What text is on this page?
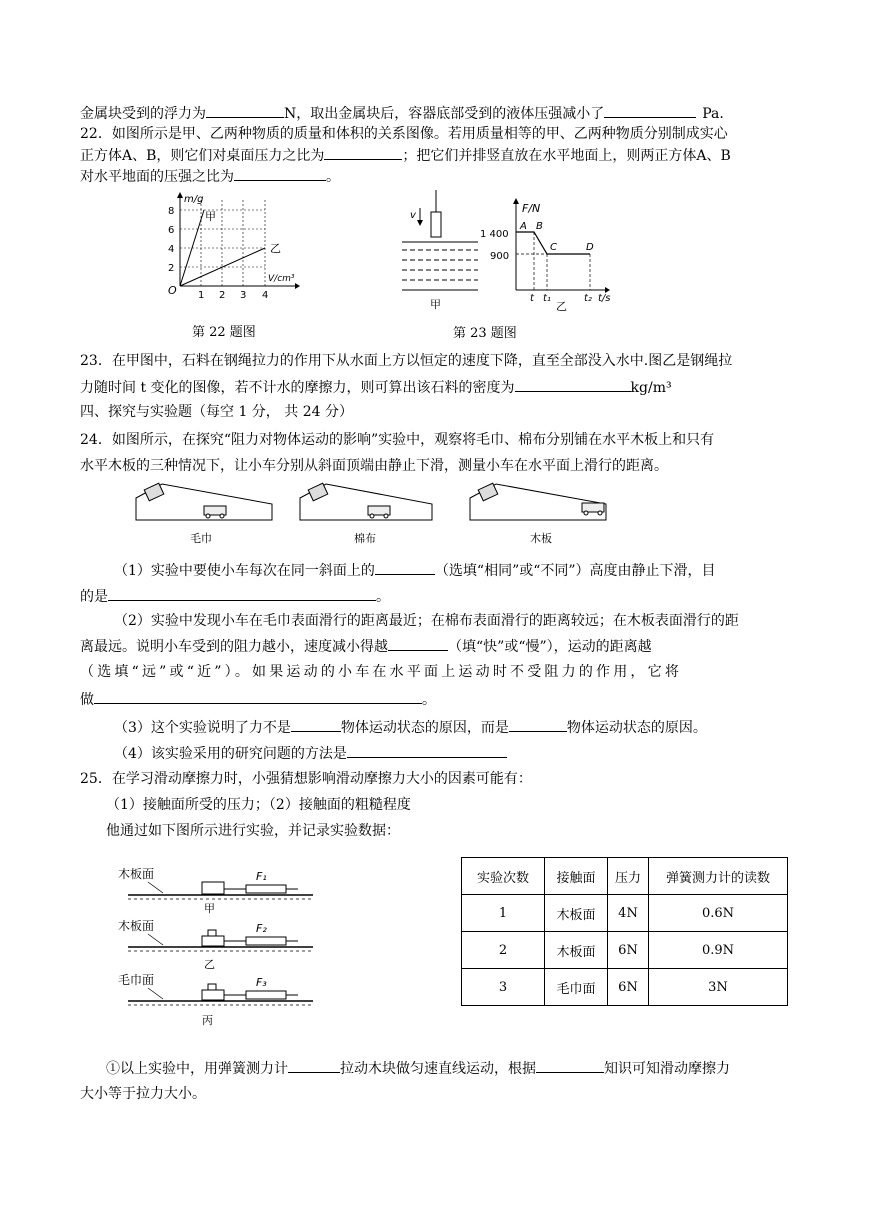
金属块受到的浮力为	N，取出金属块后，容器底部受到的液体压强减小了	Pa.
22．如图所示是甲、乙两种物质的质量和体积的关系图像。若用质量相等的甲、乙两种物质分别制成实心
正方体A、B，则它们对桌面压力之比为	；把它们并排竖直放在水平地面上，则两正方体A、B
对水平地面的压强之比为	。
m/g
甲
乙
V/cm³
O
8
6
4
2
1 2 3 4
第 22 题图
v
甲
F/N
1 400
900
A B
C	D
t t₁	t₂ t/s
乙
第 23 题图
23．在甲图中，石料在钢绳拉力的作用下从水面上方以恒定的速度下降，直至全部没入水中.图乙是钢绳拉
力随时间 t 变化的图像，若不计水的摩擦力，则可算出该石料的密度为	kg/m³
四、探究与实验题（每空 1 分， 共 24 分）
24．如图所示，在探究“阻力对物体运动的影响”实验中，观察将毛巾、棉布分别铺在水平木板上和只有
水平木板的三种情况下，让小车分别从斜面顶端由静止下滑，测量小车在水平面上滑行的距离。
毛巾	棉布	木板
（1）实验中要使小车每次在同一斜面上的	（选填“相同”或“不同”）高度由静止下滑，目
的是	。
（2）实验中发现小车在毛巾表面滑行的距离最近；在棉布表面滑行的距离较远；在木板表面滑行的距
离最远。说明小车受到的阻力越小，速度减小得越	（填“快”或“慢”），运动的距离越
（选填“远”或“近”）。如果运动的小车在水平面上运动时不受阻力的作用，它将
做	。
（3）这个实验说明了力不是	物体运动状态的原因，而是	物体运动状态的原因。
（4）该实验采用的研究问题的方法是
25．在学习滑动摩擦力时，小强猜想影响滑动摩擦力大小的因素可能有：
（1）接触面所受的压力；（2）接触面的粗糙程度
他通过如下图所示进行实验，并记录实验数据：
木板面	F₁
甲
木板面	F₂
乙
毛巾面	F₃
丙
实验次数	接触面	压力	弹簧测力计的读数
1	木板面	4N	0.6N
2	木板面	6N	0.9N
3	毛巾面	6N	3N
①以上实验中，用弹簧测力计	拉动木块做匀速直线运动，根据	知识可知滑动摩擦力
大小等于拉力大小。
